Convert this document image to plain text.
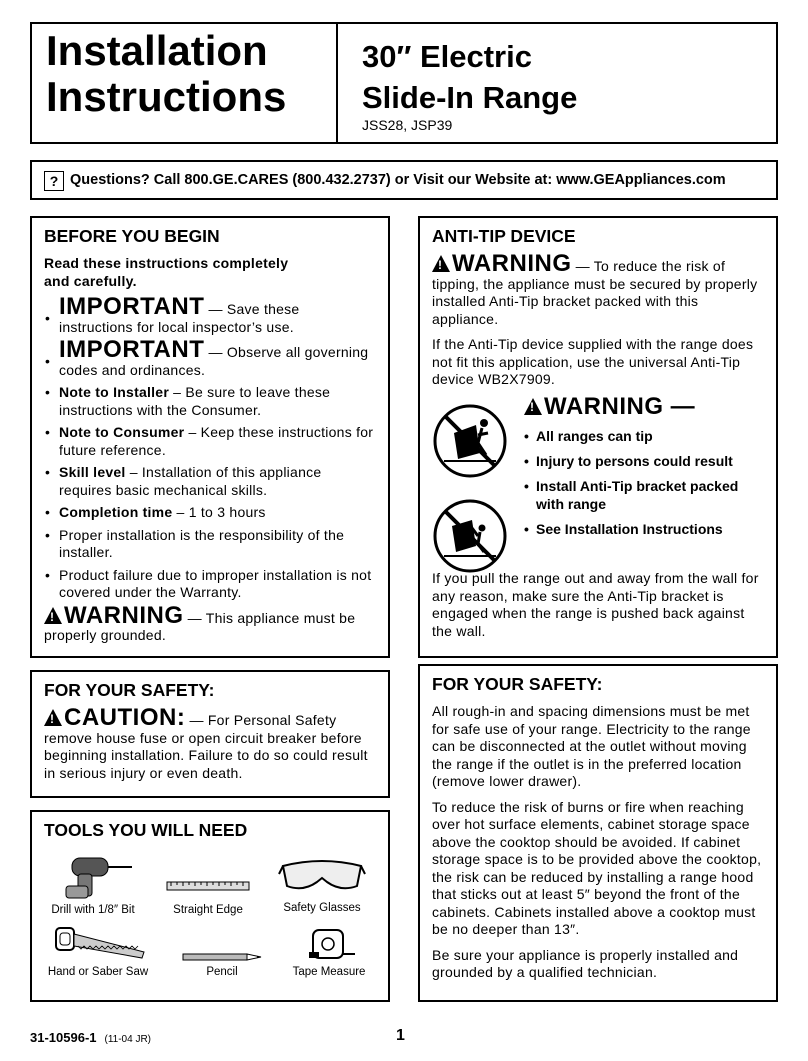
Installation
Instructions
30″ Electric
Slide-In Range
JSS28, JSP39
? Questions? Call 800.GE.CARES (800.432.2737) or Visit our Website at: www.GEAppliances.com
BEFORE YOU BEGIN
Read these instructions completely
and carefully.
• IMPORTANT — Save these instructions for local inspector’s use.
• IMPORTANT — Observe all governing codes and ordinances.
• Note to Installer – Be sure to leave these instructions with the Consumer.
• Note to Consumer – Keep these instructions for future reference.
• Skill level – Installation of this appliance requires basic mechanical skills.
• Completion time – 1 to 3 hours
• Proper installation is the responsibility of the installer.
• Product failure due to improper installation is not covered under the Warranty.
!WARNING — This appliance must be properly grounded.
ANTI-TIP DEVICE
!WARNING — To reduce the risk of tipping, the appliance must be secured by properly installed Anti-Tip bracket packed with this appliance.
If the Anti-Tip device supplied with the range does not fit this application, use the universal Anti-Tip device WB2X7909.

!WARNING —
• All ranges can tip
• Injury to persons could result
• Install Anti-Tip bracket packed with range
• See Installation Instructions
If you pull the range out and away from the wall for any reason, make sure the Anti-Tip bracket is engaged when the range is pushed back against the wall.
FOR YOUR SAFETY:
!CAUTION: — For Personal Safety remove house fuse or open circuit breaker before beginning installation. Failure to do so could result in serious injury or even death.
TOOLS YOU WILL NEED
Drill with 1/8″ Bit	Straight Edge	Safety Glasses
Hand or Saber Saw	Pencil	Tape Measure
FOR YOUR SAFETY:

All rough-in and spacing dimensions must be met for safe use of your range. Electricity to the range can be disconnected at the outlet without moving the range if the outlet is in the preferred location (remove lower drawer).

To reduce the risk of burns or fire when reaching over hot surface elements, cabinet storage space above the cooktop should be avoided. If cabinet storage space is to be provided above the cooktop, the risk can be reduced by installing a range hood that sticks out at least 5″ beyond the front of the cabinets. Cabinets installed above a cooktop must be no deeper than 13″.

Be sure your appliance is properly installed and grounded by a qualified technician.

31-10596-1 (11-04 JR)	1
